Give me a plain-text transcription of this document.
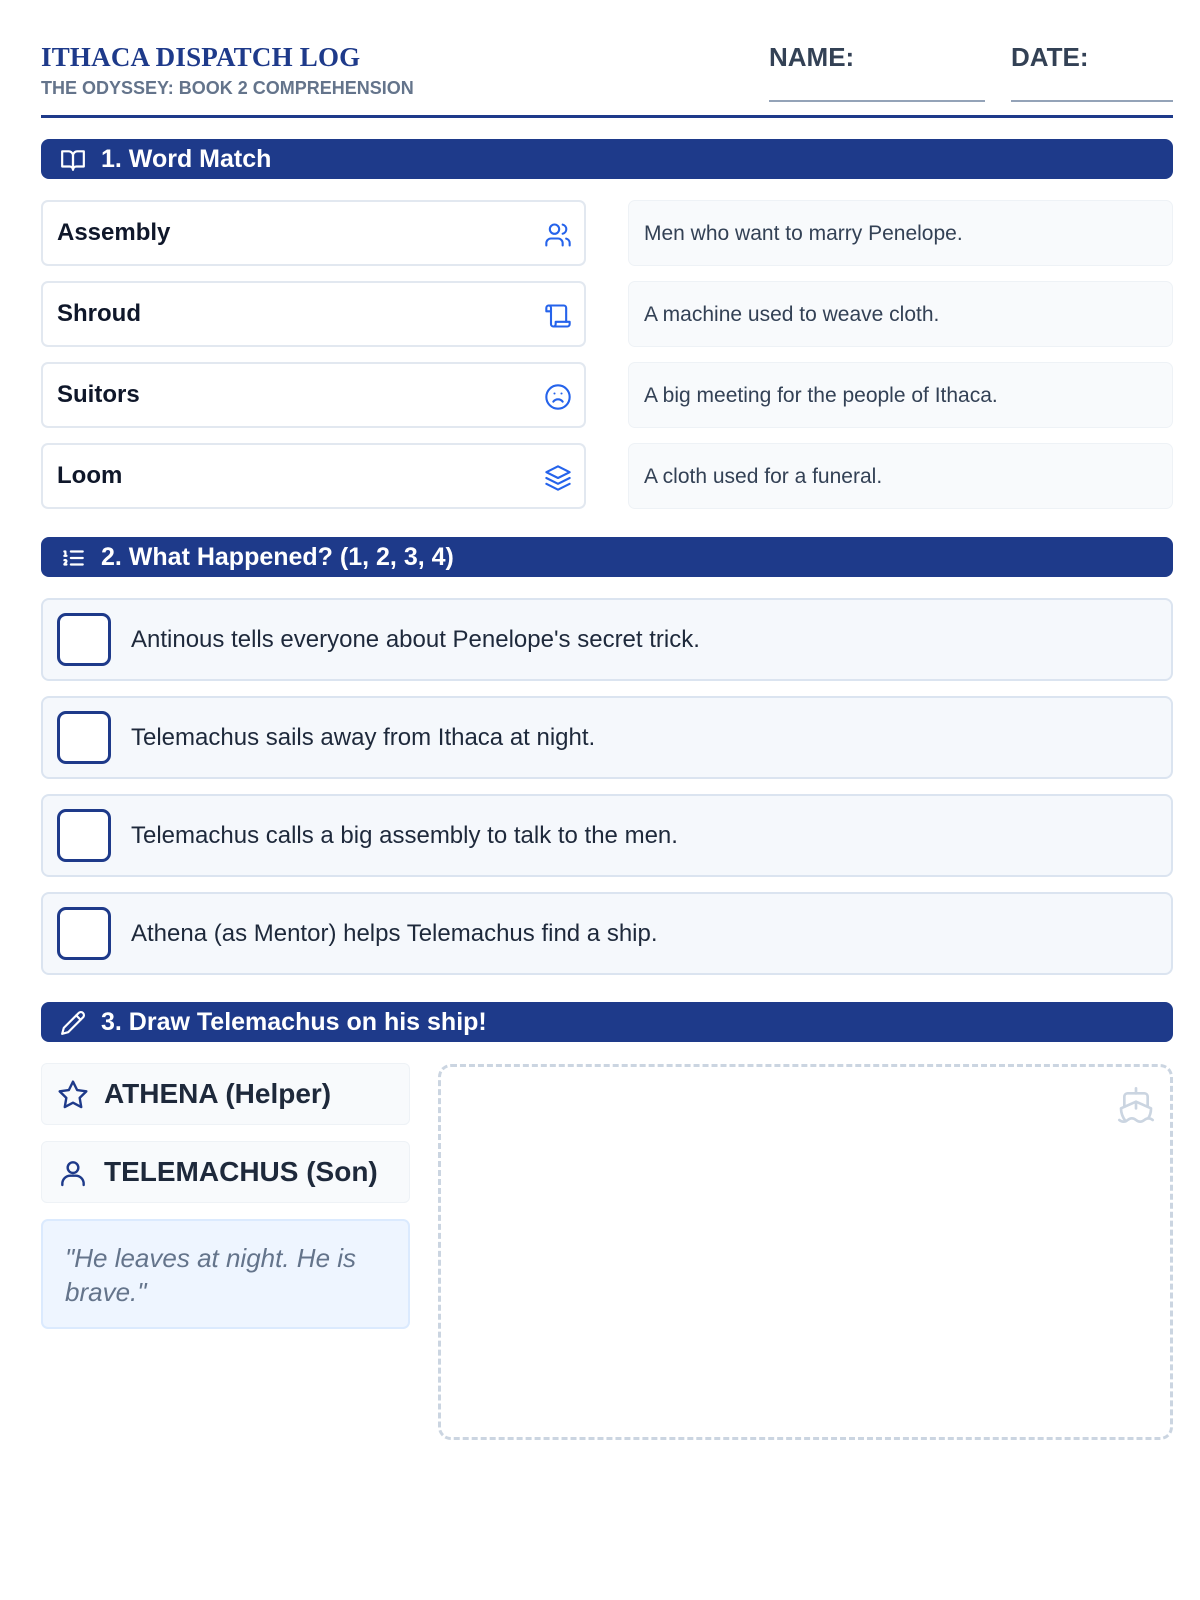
ITHACA DISPATCH LOG
THE ODYSSEY: BOOK 2 COMPREHENSION
NAME:	DATE:
1. Word Match
Assembly
Shroud
Suitors
Loom
Men who want to marry Penelope.
A machine used to weave cloth.
A big meeting for the people of Ithaca.
A cloth used for a funeral.
2. What Happened? (1, 2, 3, 4)
Antinous tells everyone about Penelope's secret trick.
Telemachus sails away from Ithaca at night.
Telemachus calls a big assembly to talk to the men.
Athena (as Mentor) helps Telemachus find a ship.
3. Draw Telemachus on his ship!
ATHENA (Helper)
TELEMACHUS (Son)
"He leaves at night. He is brave."
